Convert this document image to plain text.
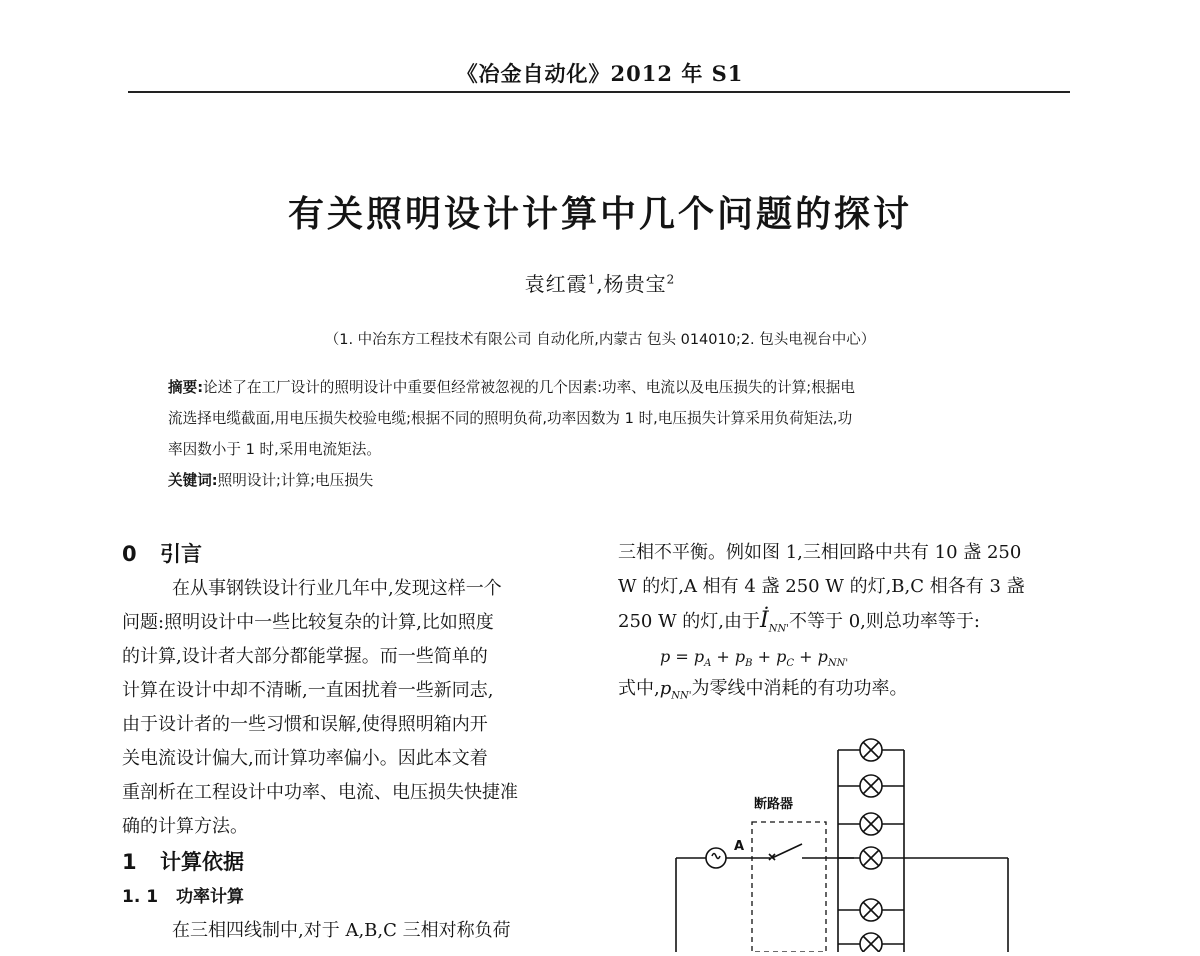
《冶金自动化》2012 年 S1
有关照明设计计算中几个问题的探讨
袁红霞$^1$,杨贵宝$^2$
（1. 中冶东方工程技术有限公司 自动化所,内蒙古 包头 014010;2. 包头电视台中心）
摘要:论述了在工厂设计的照明设计中重要但经常被忽视的几个因素:功率、电流以及电压损失的计算;根据电
流选择电缆截面,用电压损失校验电缆;根据不同的照明负荷,功率因数为 1 时,电压损失计算采用负荷矩法,功
率因数小于 1 时,采用电流矩法。
关键词:照明设计;计算;电压损失
0 引言
在从事钢铁设计行业几年中,发现这样一个
问题:照明设计中一些比较复杂的计算,比如照度
的计算,设计者大部分都能掌握。而一些简单的
计算在设计中却不清晰,一直困扰着一些新同志,
由于设计者的一些习惯和误解,使得照明箱内开
关电流设计偏大,而计算功率偏小。因此本文着
重剖析在工程设计中功率、电流、电压损失快捷准
确的计算方法。
1 计算依据
1. 1 功率计算
在三相四线制中,对于 A,B,C 三相对称负荷
三相不平衡。例如图 1,三相回路中共有 10 盏 250
W 的灯,A 相有 4 盏 250 W 的灯,B,C 相各有 3 盏
250 W 的灯,由于$İ_{NN'}$不等于 0,则总功率等于:
$p = p_A + p_B + p_C + p_{NN'}$
式中$,p_{NN'}$为零线中消耗的有功功率。
断路器
A
